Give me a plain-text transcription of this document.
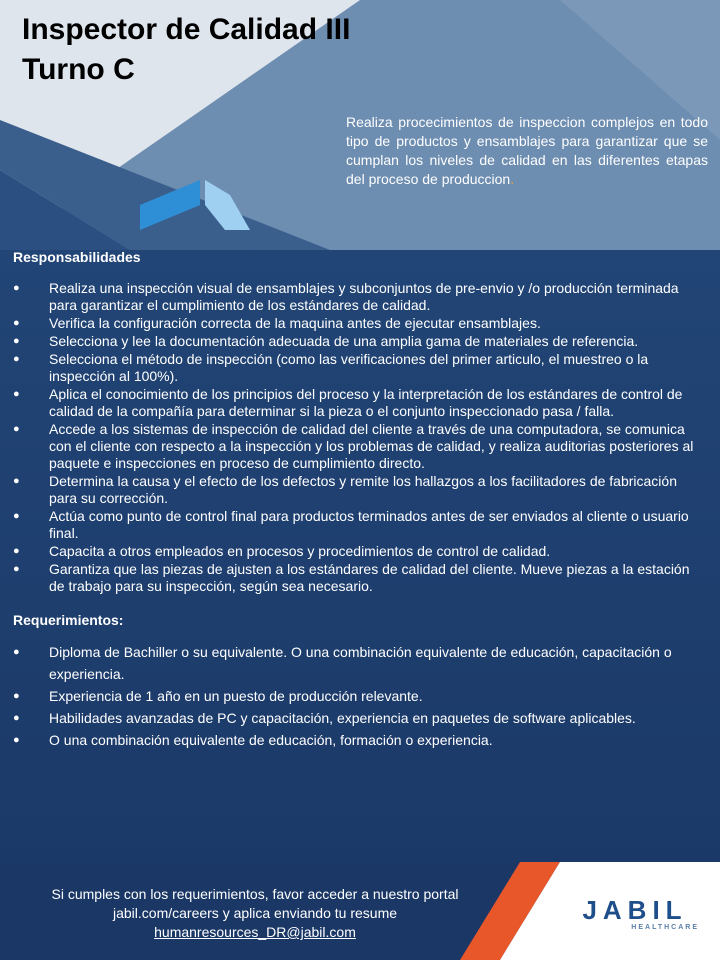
Inspector de Calidad III
Turno C
Realiza procecimientos de inspeccion complejos en todo tipo de productos y ensamblajes para garantizar que se cumplan los niveles de calidad en las diferentes etapas del proceso de produccion.

Responsabilidades

● Realiza una inspección visual de ensamblajes y subconjuntos de pre-envio y /o producción terminada para garantizar el cumplimiento de los estándares de calidad.
● Verifica la configuración correcta de la maquina antes de ejecutar ensamblajes.
● Selecciona y lee la documentación adecuada de una amplia gama de materiales de referencia.
● Selecciona el método de inspección (como las verificaciones del primer articulo, el muestreo o la inspección al 100%).
● Aplica el conocimiento de los principios del proceso y la interpretación de los estándares de control de calidad de la compañía para determinar si la pieza o el conjunto inspeccionado pasa / falla.
● Accede a los sistemas de inspección de calidad del cliente a través de una computadora, se comunica con el cliente con respecto a la inspección y los problemas de calidad, y realiza auditorias posteriores al paquete e inspecciones en proceso de cumplimiento directo.
● Determina la causa y el efecto de los defectos y remite los hallazgos a los facilitadores de fabricación para su corrección.
● Actúa como punto de control final para productos terminados antes de ser enviados al cliente o usuario final.
● Capacita a otros empleados en procesos y procedimientos de control de calidad.
● Garantiza que las piezas de ajusten a los estándares de calidad del cliente. Mueve piezas a la estación de trabajo para su inspección, según sea necesario.

Requerimientos:

● Diploma de Bachiller o su equivalente. O una combinación equivalente de educación, capacitación o experiencia.
● Experiencia de 1 año en un puesto de producción relevante.
● Habilidades avanzadas de PC y capacitación, experiencia en paquetes de software aplicables.
● O una combinación equivalente de educación, formación o experiencia.
Si cumples con los requerimientos, favor acceder a nuestro portal
jabil.com/careers y aplica enviando tu resume
humanresources_DR@jabil.com
JABIL
HEALTHCARE
